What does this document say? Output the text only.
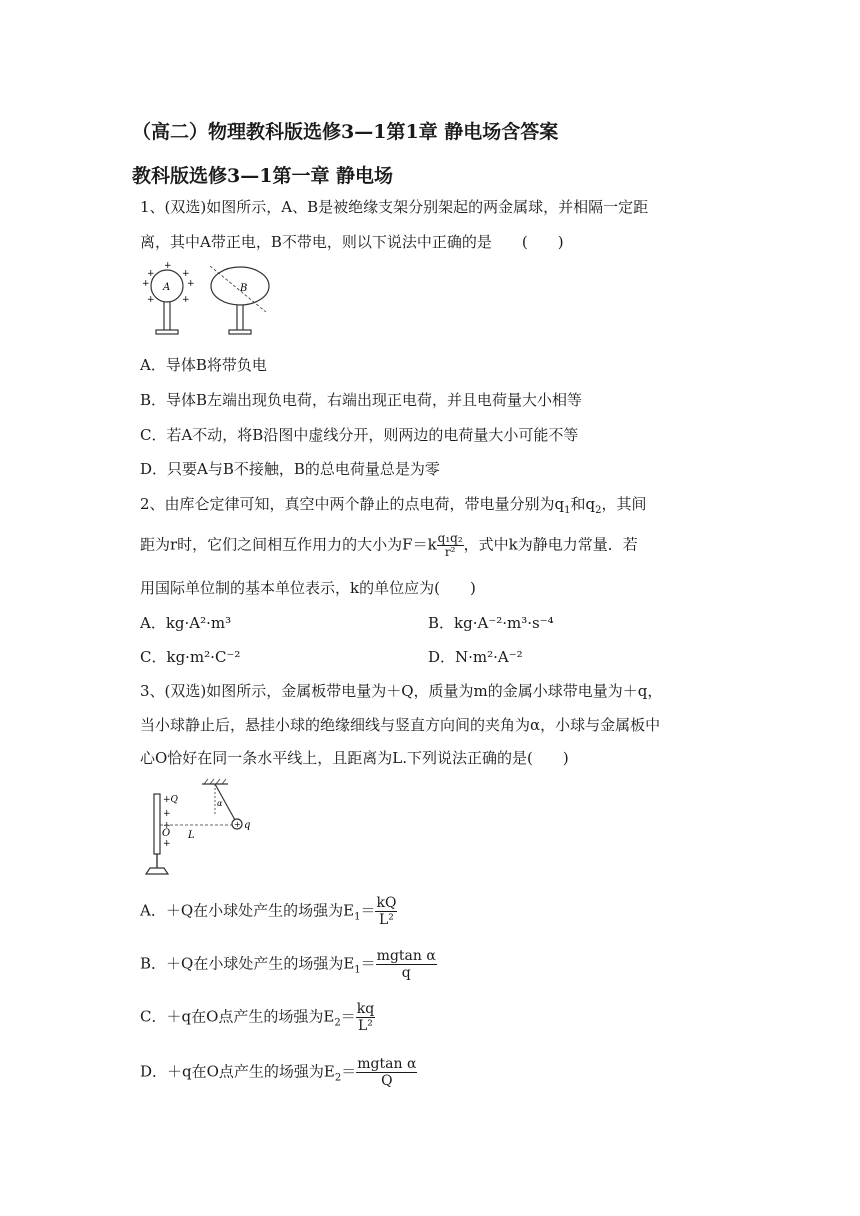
（高二）物理教科版选修3—1第1章 静电场含答案
教科版选修3—1第一章 静电场
1、(双选)如图所示，A、B是被绝缘支架分别架起的两金属球，并相隔一定距
离，其中A带正电，B不带电，则以下说法中正确的是　　(　　)
A
+
+	+
+	+
+	+
B
A．导体B将带负电
B．导体B左端出现负电荷，右端出现正电荷，并且电荷量大小相等
C．若A不动，将B沿图中虚线分开，则两边的电荷量大小可能不等
D．只要A与B不接触，B的总电荷量总是为零
2、由库仑定律可知，真空中两个静止的点电荷，带电量分别为$q_1$和$q_2$，其间
距为r时，它们之间相互作用力的大小为$F=k \frac{\text{q₁q₂}}{\text{r²}}$ ，式中k为静电力常量．若
用国际单位制的基本单位表示，k的单位应为(　　)
A．kg·A²·m³	B．kg·A⁻²·m³·s⁻⁴
C．kg·m²·C⁻²	D．N·m²·A⁻²
3、(双选)如图所示，金属板带电量为＋Q，质量为m的金属小球带电量为＋q，
当小球静止后，悬挂小球的绝缘细线与竖直方向间的夹角为α，小球与金属板中
心O恰好在同一条水平线上，且距离为L.下列说法正确的是(　　)
+Q
+
+
+
O L
α
+ q
A．＋Q在小球处产生的场强为$E_1= \frac{kQ}{\text{L²}}$
B．＋Q在小球处产生的场强为$E_1= \frac{\text{mgtan α}}{q}$
C．＋q在O点产生的场强为$E_2= \frac{kq}{\text{L²}}$
D．＋q在O点产生的场强为$E_2= \frac{\text{mgtan α}}{Q}$
